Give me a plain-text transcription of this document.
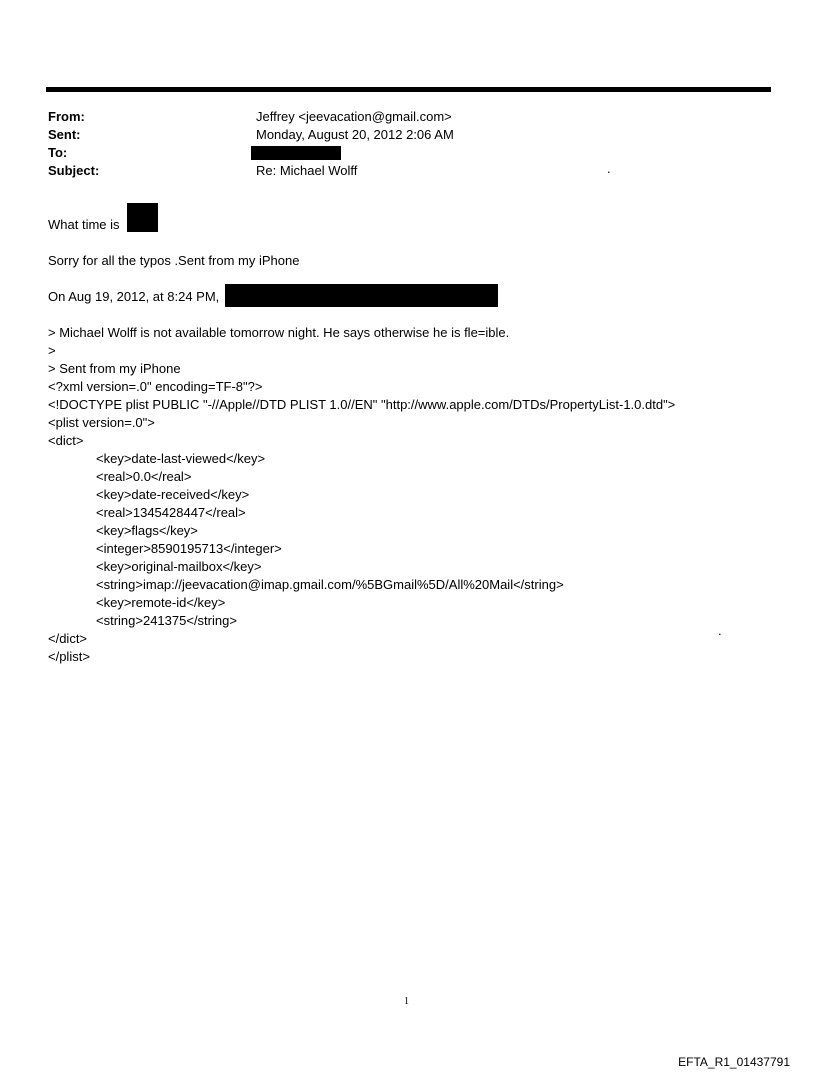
From:	Jeffrey <jeevacation@gmail.com>
Sent:	Monday, August 20, 2012 2:06 AM
To:
Subject:	Re: Michael Wolff	.
What time is
Sorry for all the typos .Sent from my iPhone
On Aug 19, 2012, at 8:24 PM,
> Michael Wolff is not available tomorrow night. He says otherwise he is fle=ible.
>
> Sent from my iPhone
<?xml version=.0" encoding=TF-8"?>
<!DOCTYPE plist PUBLIC "-//Apple//DTD PLIST 1.0//EN" "http://www.apple.com/DTDs/PropertyList-1.0.dtd">
<plist version=.0">
<dict>
<key>date-last-viewed</key>
<real>0.0</real>
<key>date-received</key>
<real>1345428447</real>
<key>flags</key>
<integer>8590195713</integer>
<key>original-mailbox</key>
<string>imap://jeevacation@imap.gmail.com/%5BGmail%5D/All%20Mail</string>
<key>remote-id</key>
<string>241375</string>
</dict>
</plist>
.
1
EFTA_R1_01437791
